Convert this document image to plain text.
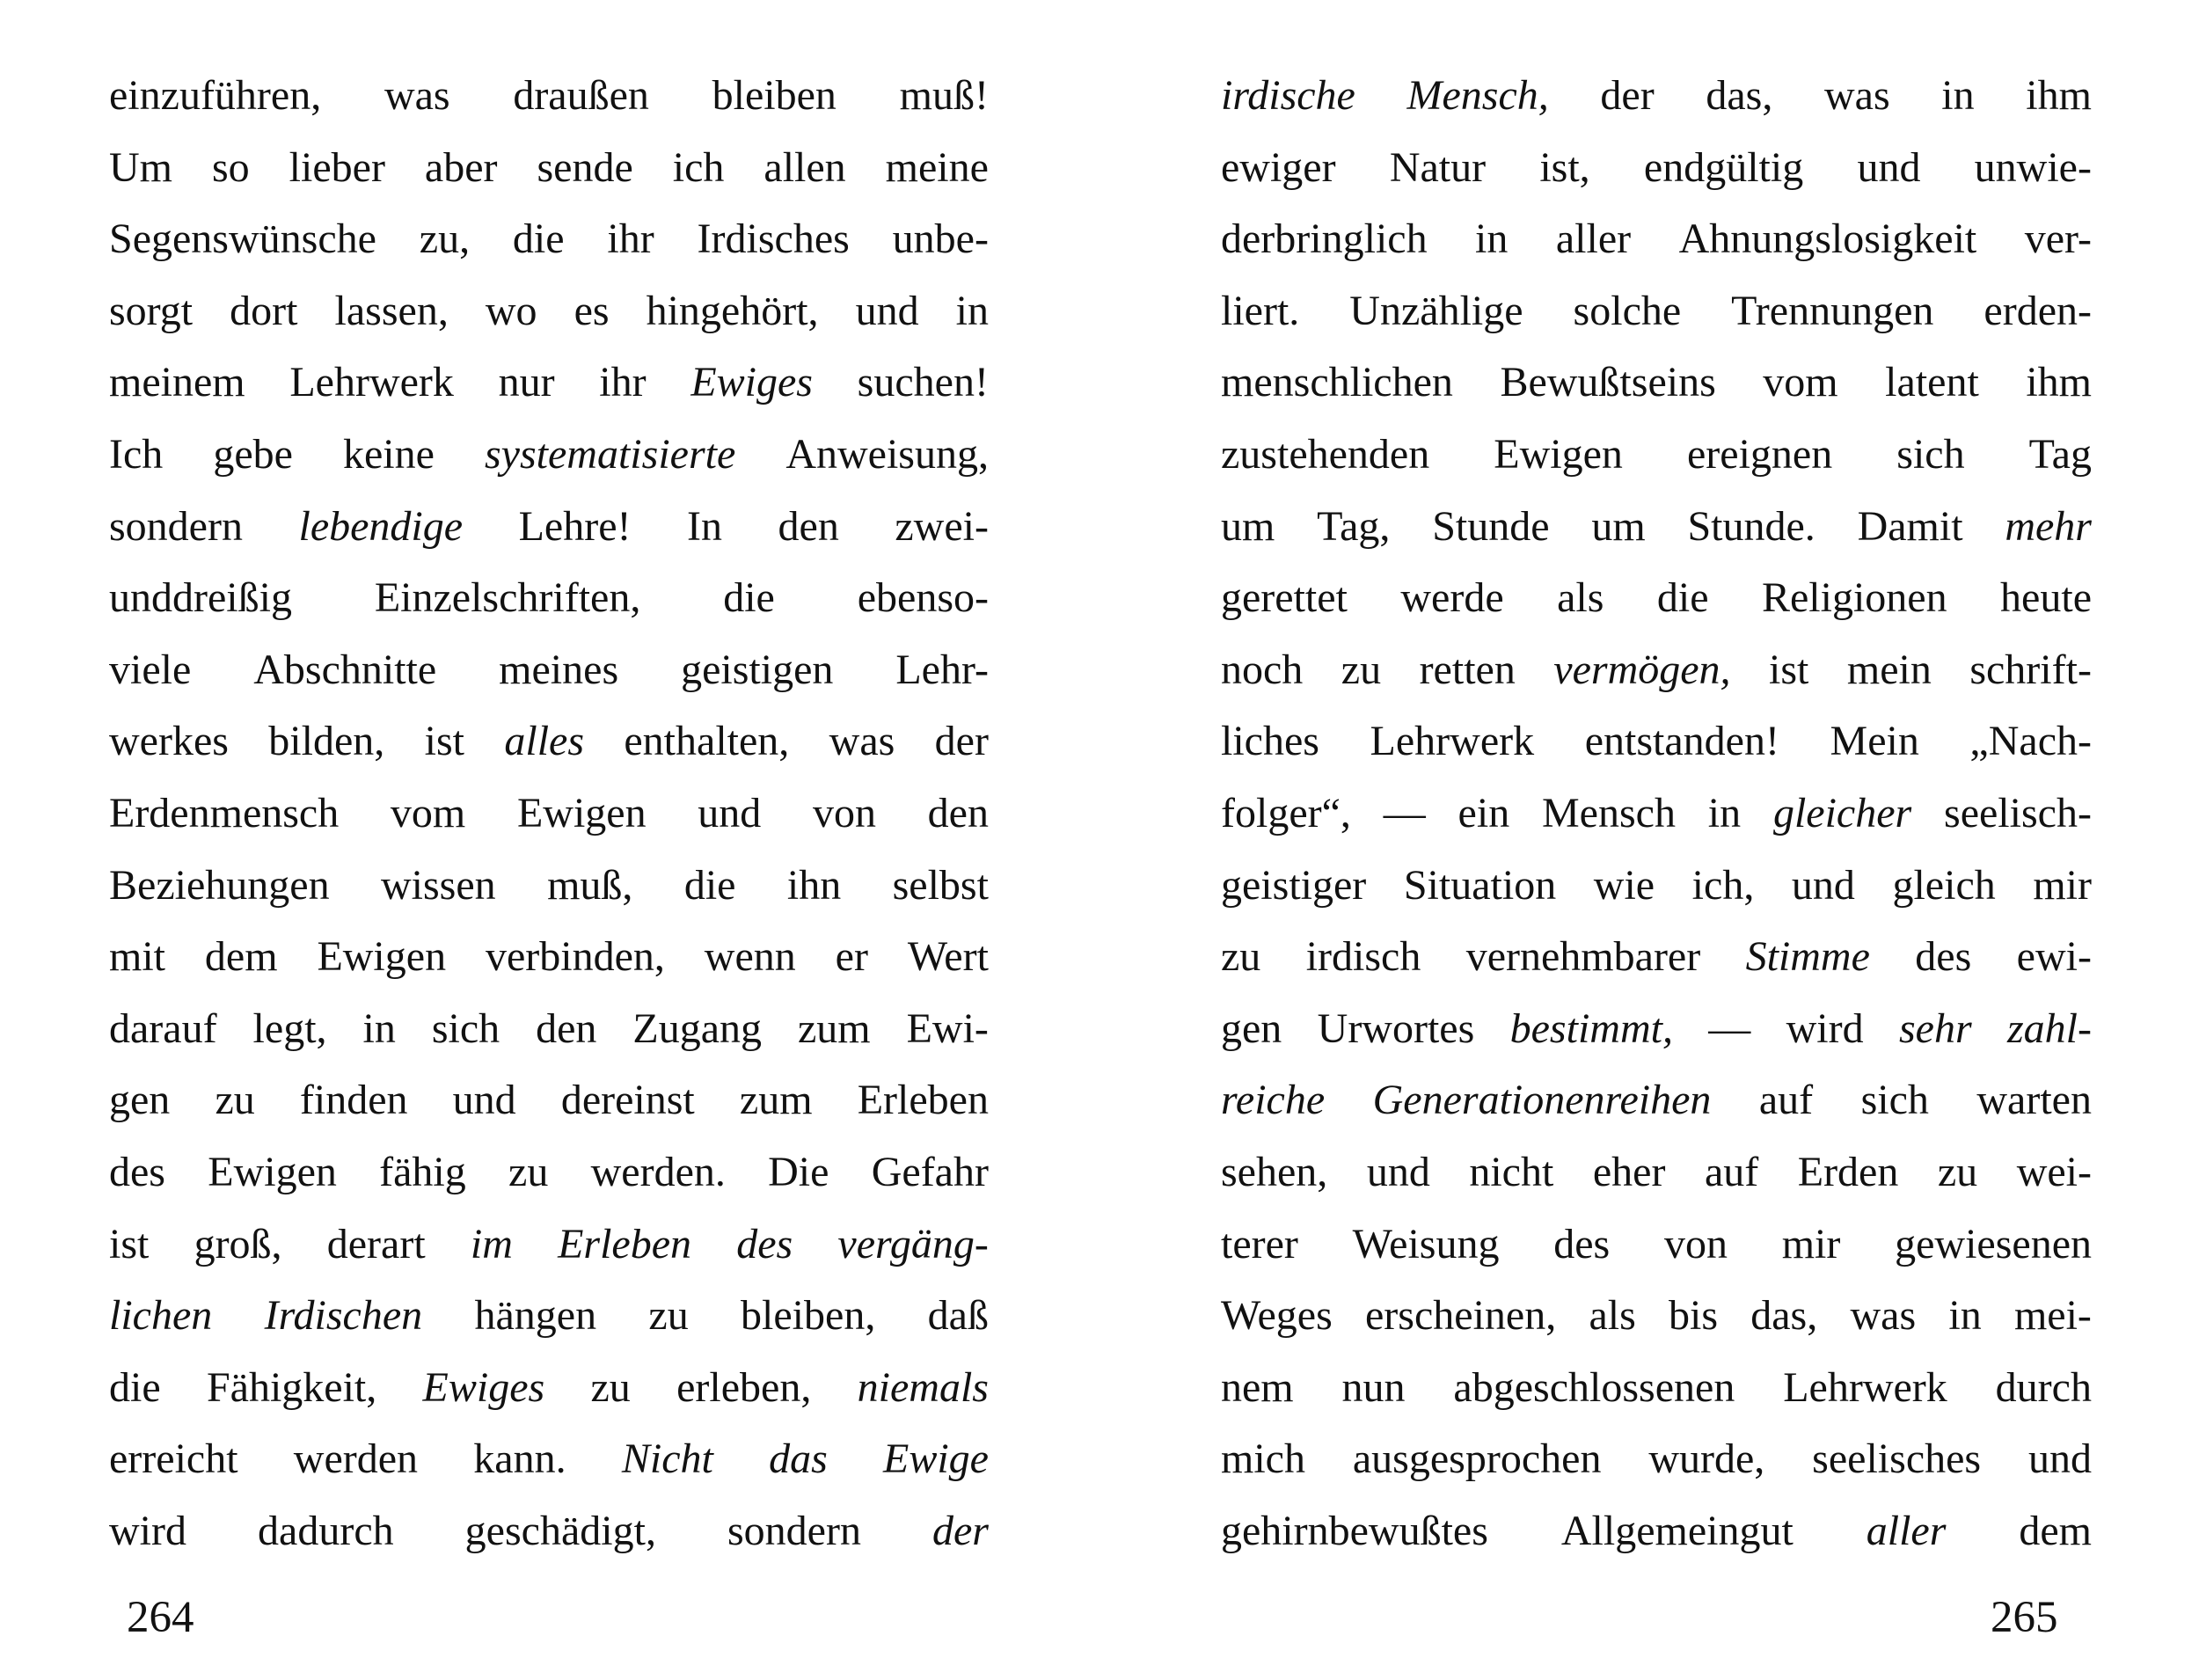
einzuführen, was draußen bleiben muß!
Um so lieber aber sende ich allen meine
Segenswünsche zu, die ihr Irdisches unbe-
sorgt dort lassen, wo es hingehört, und in
meinem Lehrwerk nur ihr Ewiges suchen!
Ich gebe keine systematisierte Anweisung,
sondern lebendige Lehre! In den zwei-
unddreißig Einzelschriften, die ebenso-
viele Abschnitte meines geistigen Lehr-
werkes bilden, ist alles enthalten, was der
Erdenmensch vom Ewigen und von den
Beziehungen wissen muß, die ihn selbst
mit dem Ewigen verbinden, wenn er Wert
darauf legt, in sich den Zugang zum Ewi-
gen zu finden und dereinst zum Erleben
des Ewigen fähig zu werden. Die Gefahr
ist groß, derart im Erleben des vergäng-
lichen Irdischen hängen zu bleiben, daß
die Fähigkeit, Ewiges zu erleben, niemals
erreicht werden kann. Nicht das Ewige
wird dadurch geschädigt, sondern der
264
irdische Mensch, der das, was in ihm
ewiger Natur ist, endgültig und unwie-
derbringlich in aller Ahnungslosigkeit ver-
liert. Unzählige solche Trennungen erden-
menschlichen Bewußtseins vom latent ihm
zustehenden Ewigen ereignen sich Tag
um Tag, Stunde um Stunde. Damit mehr
gerettet werde als die Religionen heute
noch zu retten vermögen, ist mein schrift-
liches Lehrwerk entstanden! Mein „Nach-
folger“, — ein Mensch in gleicher seelisch-
geistiger Situation wie ich, und gleich mir
zu irdisch vernehmbarer Stimme des ewi-
gen Urwortes bestimmt, — wird sehr zahl-
reiche Generationenreihen auf sich warten
sehen, und nicht eher auf Erden zu wei-
terer Weisung des von mir gewiesenen
Weges erscheinen, als bis das, was in mei-
nem nun abgeschlossenen Lehrwerk durch
mich ausgesprochen wurde, seelisches und
gehirnbewußtes Allgemeingut aller dem
265
